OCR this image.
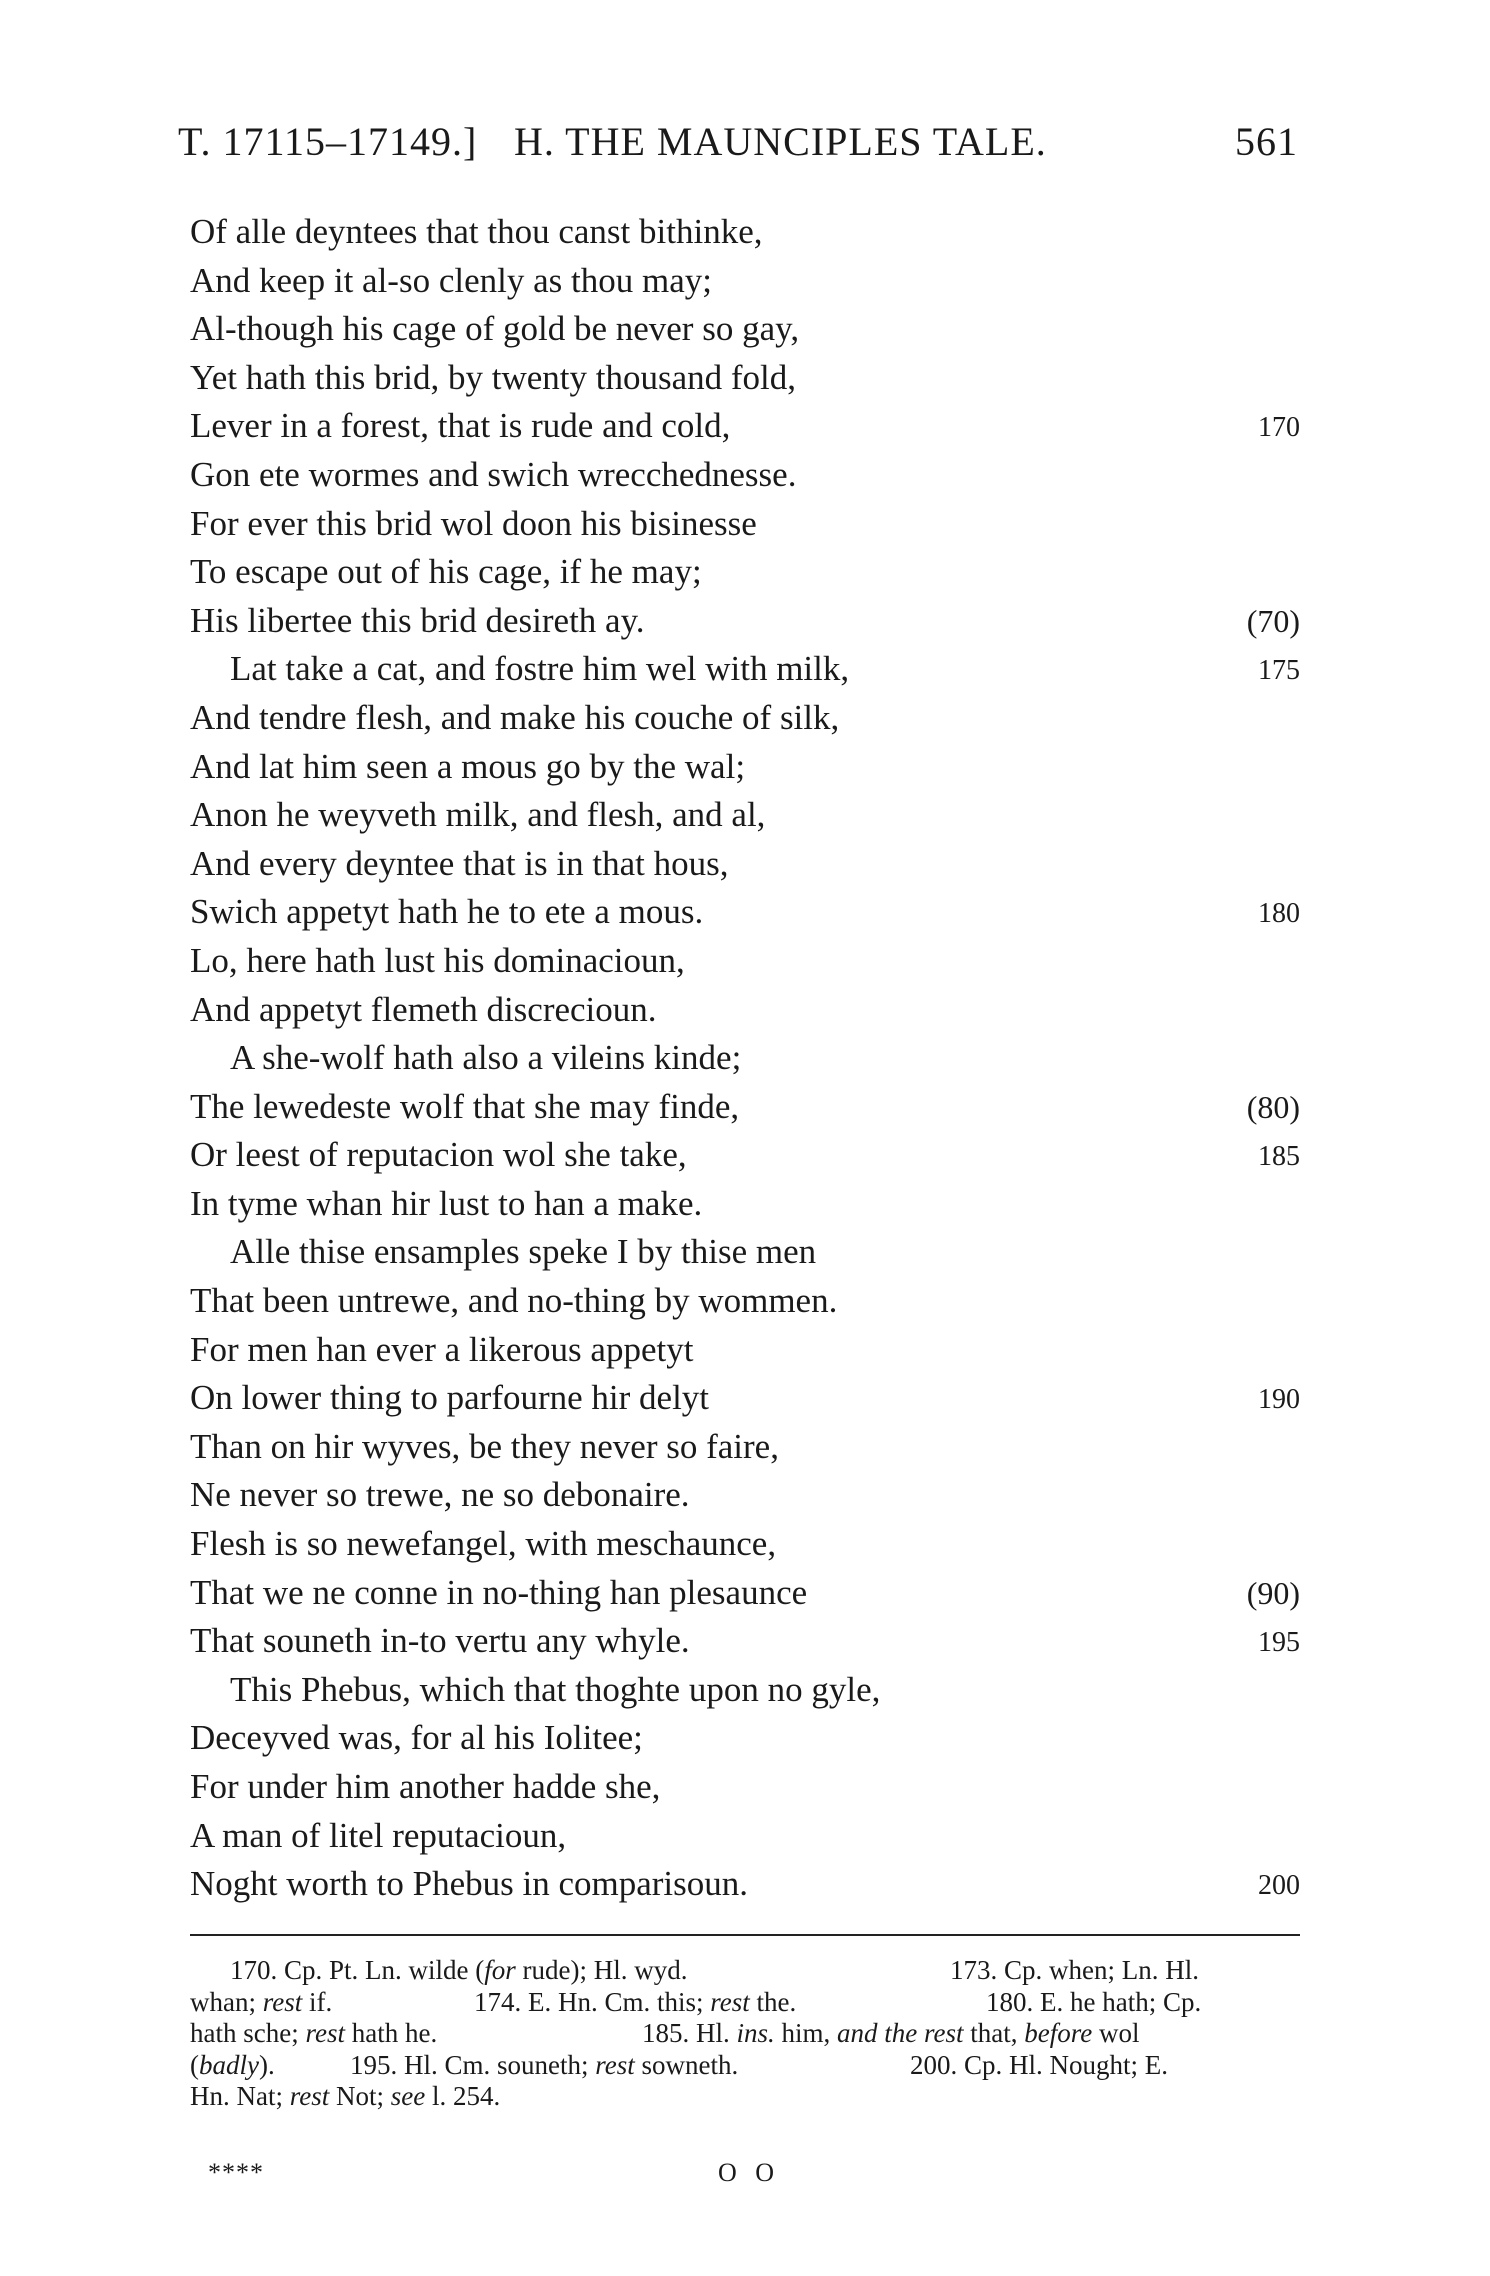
T. 17115–17149.] H. THE MAUNCIPLES TALE.	561
Of alle deyntees that thou canst bithinke,
And keep it al-so clenly as thou may;
Al-though his cage of gold be never so gay,
Yet hath this brid, by twenty thousand fold,
Lever in a forest, that is rude and cold,	170
Gon ete wormes and swich wrecchednesse.
For ever this brid wol doon his bisinesse
To escape out of his cage, if he may;
His libertee this brid desireth ay.	(70)
Lat take a cat, and fostre him wel with milk,	175
And tendre flesh, and make his couche of silk,
And lat him seen a mous go by the wal;
Anon he weyveth milk, and flesh, and al,
And every deyntee that is in that hous,
Swich appetyt hath he to ete a mous.	180
Lo, here hath lust his dominacioun,
And appetyt flemeth discrecioun.
A she-wolf hath also a vileins kinde;
The lewedeste wolf that she may finde,	(80)
Or leest of reputacion wol she take,	185
In tyme whan hir lust to han a make.
Alle thise ensamples speke I by thise men
That been untrewe, and no-thing by wommen.
For men han ever a likerous appetyt
On lower thing to parfourne hir delyt	190
Than on hir wyves, be they never so faire,
Ne never so trewe, ne so debonaire.
Flesh is so newefangel, with meschaunce,
That we ne conne in no-thing han plesaunce	(90)
That souneth in-to vertu any whyle.	195
This Phebus, which that thoghte upon no gyle,
Deceyved was, for al his Iolitee;
For under him another hadde she,
A man of litel reputacioun,
Noght worth to Phebus in comparisoun.	200
170. Cp. Pt. Ln. wilde (for rude); Hl. wyd.	173. Cp. when; Ln. Hl.
whan; rest if.	174. E. Hn. Cm. this; rest the.	180. E. he hath; Cp.
hath sche; rest hath he.	185. Hl. ins. him, and the rest that, before wol
(badly).	195. Hl. Cm. souneth; rest sowneth.	200. Cp. Hl. Nought; E.
Hn. Nat; rest Not; see l. 254.
****	O O
